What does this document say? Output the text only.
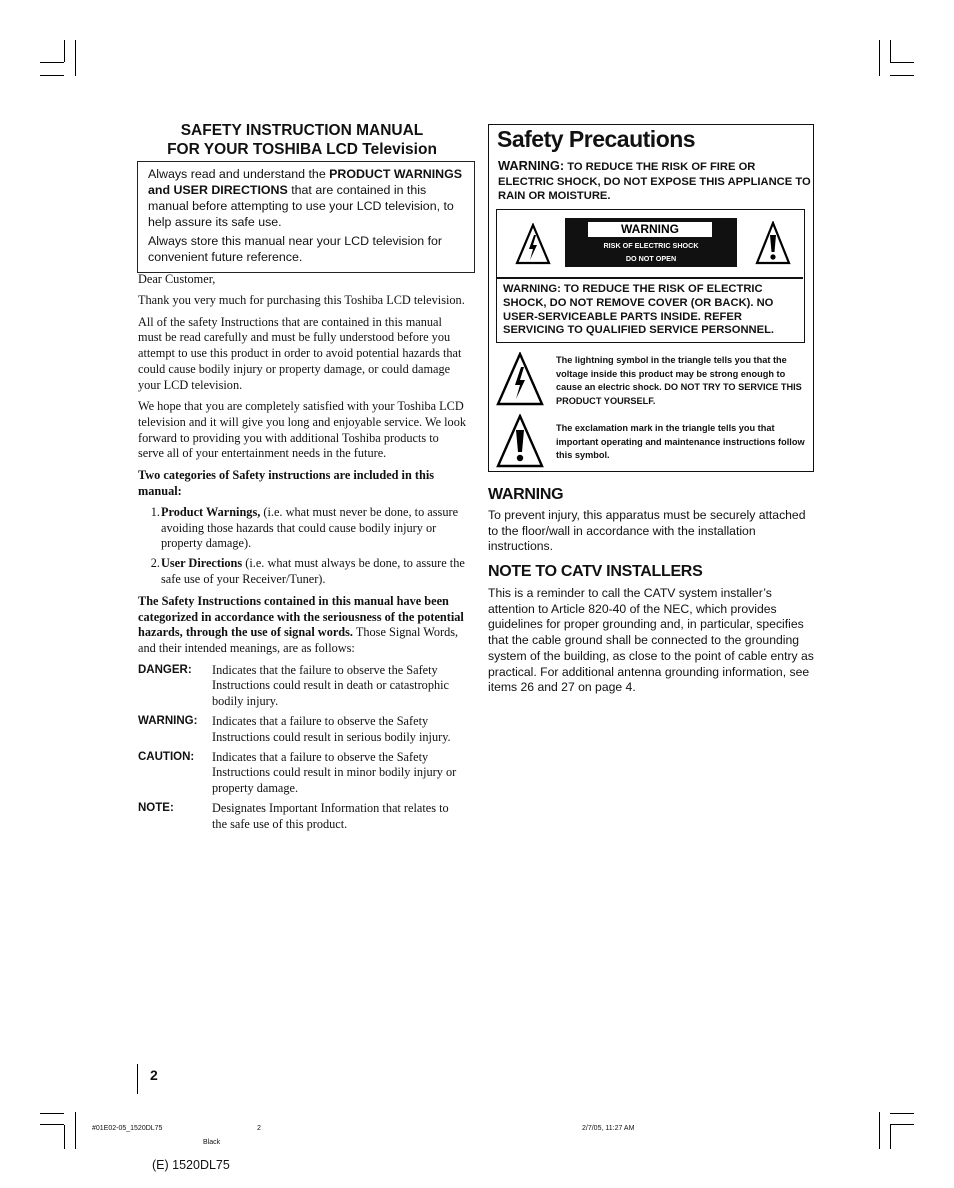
SAFETY INSTRUCTION MANUAL
FOR YOUR TOSHIBA LCD Television

Always read and understand the PRODUCT WARNINGS and USER DIRECTIONS that are contained in this manual before attempting to use your LCD television, to help assure its safe use.

Always store this manual near your LCD television for convenient future reference.

Dear Customer,

Thank you very much for purchasing this Toshiba LCD television.

All of the safety Instructions that are contained in this manual must be read carefully and must be fully understood before you attempt to use this product in order to avoid potential hazards that could cause bodily injury or property damage, or could damage your LCD television.

We hope that you are completely satisfied with your Toshiba LCD television and it will give you long and enjoyable service. We look forward to providing you with additional Toshiba products to serve all of your entertainment needs in the future.

Two categories of Safety instructions are included in this manual:

1. Product Warnings, (i.e. what must never be done, to assure avoiding those hazards that could cause bodily injury or property damage).
2. User Directions (i.e. what must always be done, to assure the safe use of your Receiver/Tuner).

The Safety Instructions contained in this manual have been categorized in accordance with the seriousness of the potential hazards, through the use of signal words. Those Signal Words, and their intended meanings, are as follows:

DANGER:	Indicates that the failure to observe the Safety Instructions could result in death or catastrophic bodily injury.
WARNING:	Indicates that a failure to observe the Safety Instructions could result in serious bodily injury.
CAUTION:	Indicates that a failure to observe the Safety Instructions could result in minor bodily injury or property damage.
NOTE:	Designates Important Information that relates to the safe use of this product.
Safety Precautions
WARNING: TO REDUCE THE RISK OF FIRE OR ELECTRIC SHOCK, DO NOT EXPOSE THIS APPLIANCE TO RAIN OR MOISTURE.
WARNING
RISK OF ELECTRIC SHOCK
DO NOT OPEN
WARNING: TO REDUCE THE RISK OF ELECTRIC SHOCK, DO NOT REMOVE COVER (OR BACK). NO USER-SERVICEABLE PARTS INSIDE. REFER SERVICING TO QUALIFIED SERVICE PERSONNEL.
The lightning symbol in the triangle tells you that the voltage inside this product may be strong enough to cause an electric shock. DO NOT TRY TO SERVICE THIS PRODUCT YOURSELF.
The exclamation mark in the triangle tells you that important operating and maintenance instructions follow this symbol.
WARNING
To prevent injury, this apparatus must be securely attached to the floor/wall in accordance with the installation instructions.
NOTE TO CATV INSTALLERS
This is a reminder to call the CATV system installer’s attention to Article 820-40 of the NEC, which provides guidelines for proper grounding and, in particular, specifies that the cable ground shall be connected to the grounding system of the building, as close to the point of cable entry as practical. For additional antenna grounding information, see items 26 and 27 on page 4.
2
#01E02-05_1520DL75	2	2/7/05, 11:27 AM
Black
(E) 1520DL75
